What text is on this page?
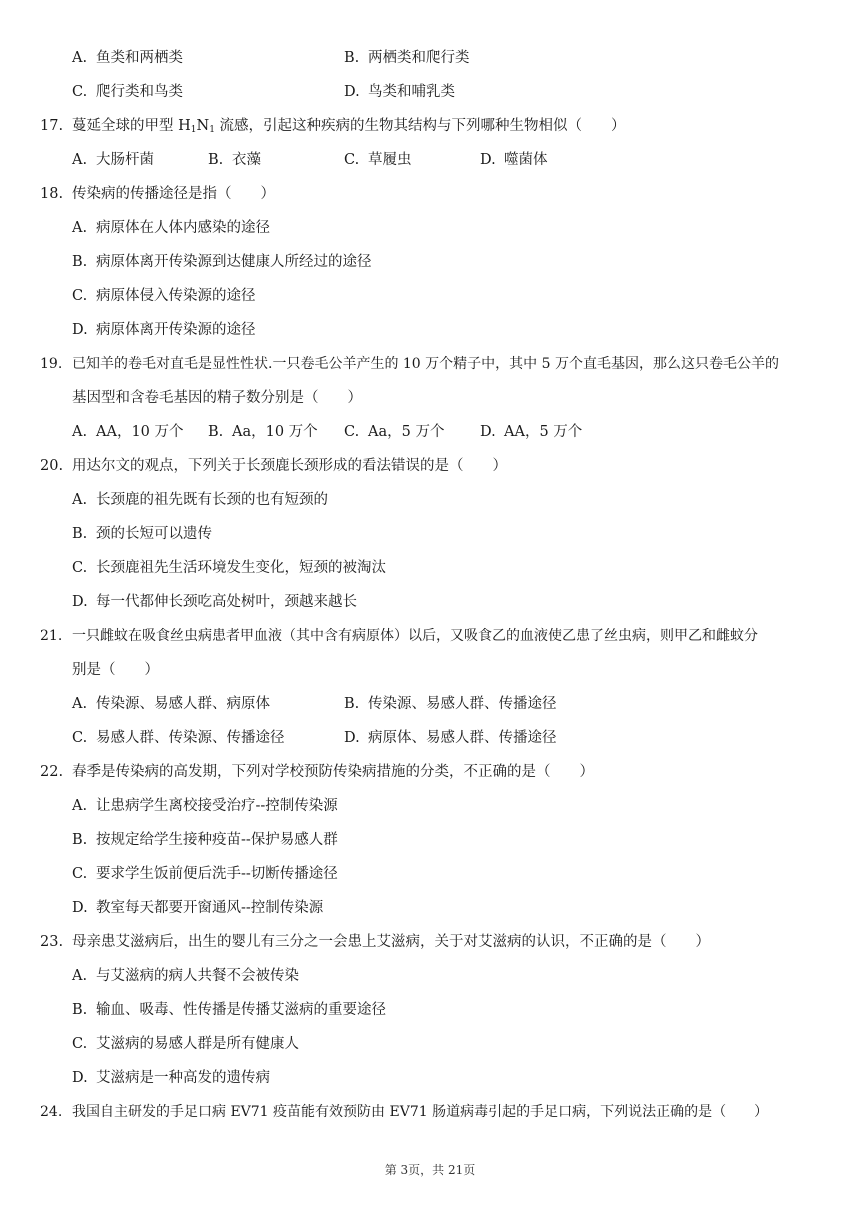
A. 鱼类和两栖类	B. 两栖类和爬行类
C. 爬行类和鸟类	D. 鸟类和哺乳类
17. 蔓延全球的甲型 $H_1N_1$ 流感，引起这种疾病的生物其结构与下列哪种生物相似（　　）
A. 大肠杆菌	B. 衣藻	C. 草履虫	D. 噬菌体
18. 传染病的传播途径是指（　　）
A. 病原体在人体内感染的途径
B. 病原体离开传染源到达健康人所经过的途径
C. 病原体侵入传染源的途径
D. 病原体离开传染源的途径
19. 已知羊的卷毛对直毛是显性性状.一只卷毛公羊产生的 10 万个精子中，其中 5 万个直毛基因，那么这只卷毛公羊的
基因型和含卷毛基因的精子数分别是（　　）
A. AA，10 万个 B. Aa，10 万个 C. Aa，5 万个 D. AA，5 万个
20. 用达尔文的观点，下列关于长颈鹿长颈形成的看法错误的是（　　）
A. 长颈鹿的祖先既有长颈的也有短颈的
B. 颈的长短可以遗传
C. 长颈鹿祖先生活环境发生变化，短颈的被淘汰
D. 每一代都伸长颈吃高处树叶，颈越来越长
21. 一只雌蚊在吸食丝虫病患者甲血液（其中含有病原体）以后，又吸食乙的血液使乙患了丝虫病，则甲乙和雌蚊分
别是（　　）
A. 传染源、易感人群、病原体	B. 传染源、易感人群、传播途径
C. 易感人群、传染源、传播途径	D. 病原体、易感人群、传播途径
22. 春季是传染病的高发期，下列对学校预防传染病措施的分类，不正确的是（　　）
A. 让患病学生离校接受治疗--控制传染源
B. 按规定给学生接种疫苗--保护易感人群
C. 要求学生饭前便后洗手--切断传播途径
D. 教室每天都要开窗通风--控制传染源
23. 母亲患艾滋病后，出生的婴儿有三分之一会患上艾滋病，关于对艾滋病的认识，不正确的是（　　）
A. 与艾滋病的病人共餐不会被传染
B. 输血、吸毒、性传播是传播艾滋病的重要途径
C. 艾滋病的易感人群是所有健康人
D. 艾滋病是一种高发的遗传病
24. 我国自主研发的手足口病 EV71 疫苗能有效预防由 EV71 肠道病毒引起的手足口病，下列说法正确的是（　　）
第 3页，共 21页
